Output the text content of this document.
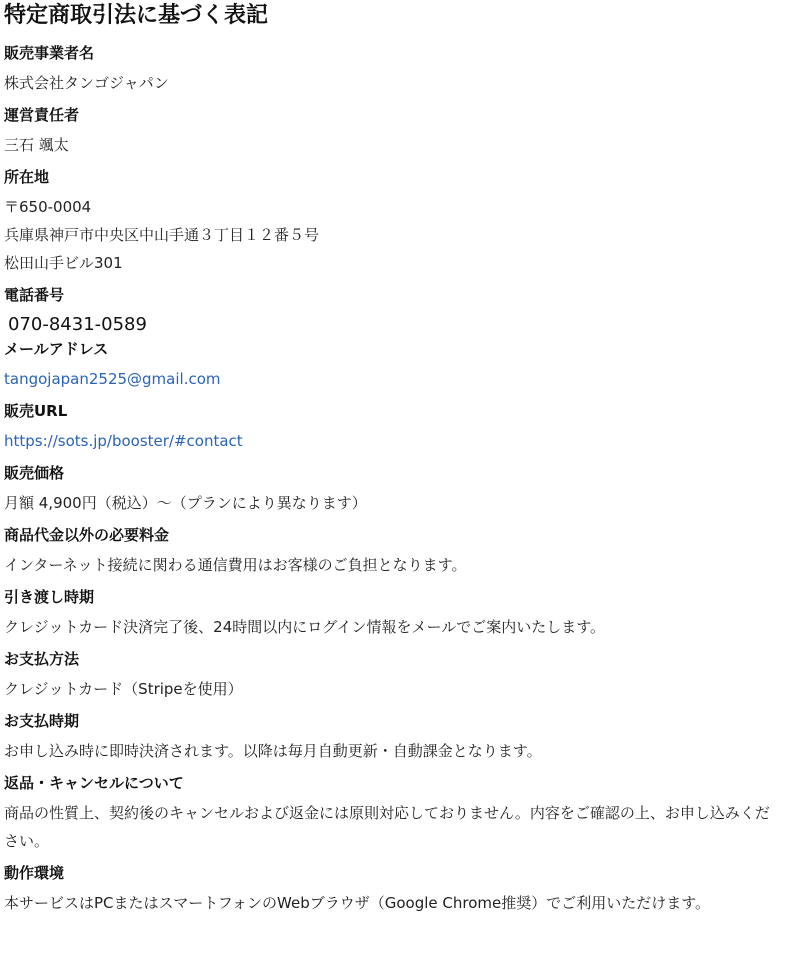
特定商取引法に基づく表記
販売事業者名
株式会社タンゴジャパン
運営責任者
三石 颯太
所在地
〒650-0004
兵庫県神戸市中央区中山手通３丁目１２番５号
松田山手ビル301
電話番号
070-8431-0589
メールアドレス
tangojapan2525@gmail.com
販売URL
https://sots.jp/booster/#contact
販売価格
月額 4,900円（税込）〜（プランにより異なります）
商品代金以外の必要料金
インターネット接続に関わる通信費用はお客様のご負担となります。
引き渡し時期
クレジットカード決済完了後、24時間以内にログイン情報をメールでご案内いたします。
お支払方法
クレジットカード（Stripeを使用）
お支払時期
お申し込み時に即時決済されます。以降は毎月自動更新・自動課金となります。
返品・キャンセルについて
商品の性質上、契約後のキャンセルおよび返金には原則対応しておりません。内容をご確認の上、お申し込みください。
動作環境
本サービスはPCまたはスマートフォンのWebブラウザ（Google Chrome推奨）でご利用いただけます。
